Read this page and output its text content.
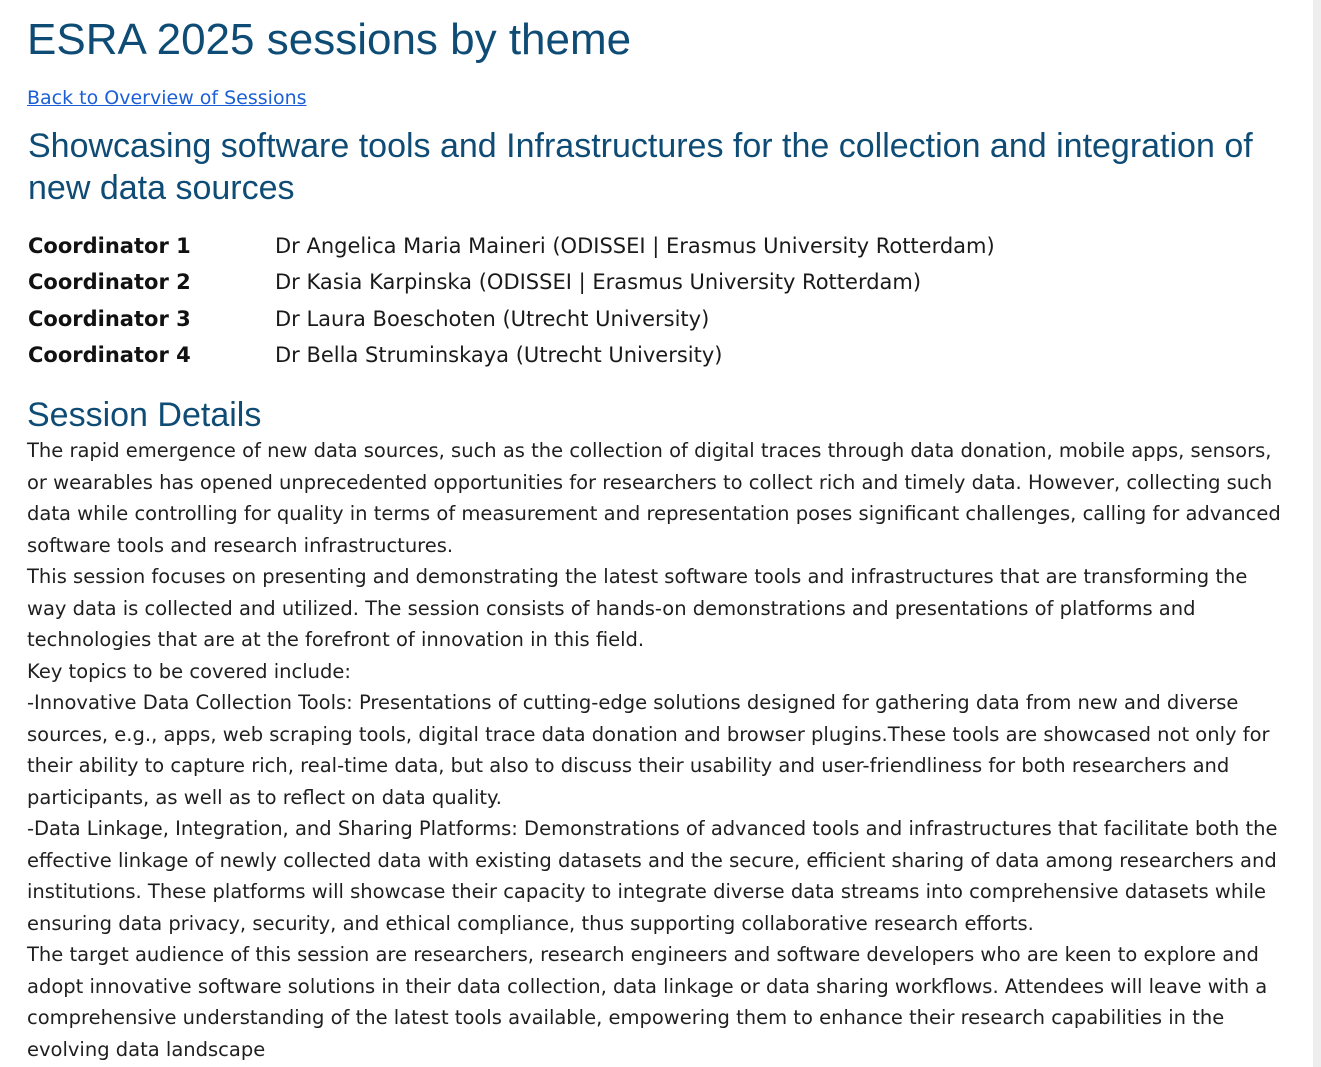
ESRA 2025 sessions by theme
Back to Overview of Sessions
Showcasing software tools and Infrastructures for the collection and integration of new data sources
Coordinator 1	Dr Angelica Maria Maineri (ODISSEI | Erasmus University Rotterdam)
Coordinator 2	Dr Kasia Karpinska (ODISSEI | Erasmus University Rotterdam)
Coordinator 3	Dr Laura Boeschoten (Utrecht University)
Coordinator 4	Dr Bella Struminskaya (Utrecht University)
Session Details

The rapid emergence of new data sources, such as the collection of digital traces through data donation, mobile apps, sensors, or wearables has opened unprecedented opportunities for researchers to collect rich and timely data. However, collecting such data while controlling for quality in terms of measurement and representation poses significant challenges, calling for advanced software tools and research infrastructures.

This session focuses on presenting and demonstrating the latest software tools and infrastructures that are transforming the way data is collected and utilized. The session consists of hands-on demonstrations and presentations of platforms and technologies that are at the forefront of innovation in this field.

Key topics to be covered include:

-Innovative Data Collection Tools: Presentations of cutting-edge solutions designed for gathering data from new and diverse sources, e.g., apps, web scraping tools, digital trace data donation and browser plugins.These tools are showcased not only for their ability to capture rich, real-time data, but also to discuss their usability and user-friendliness for both researchers and participants, as well as to reflect on data quality.

-Data Linkage, Integration, and Sharing Platforms: Demonstrations of advanced tools and infrastructures that facilitate both the effective linkage of newly collected data with existing datasets and the secure, efficient sharing of data among researchers and institutions. These platforms will showcase their capacity to integrate diverse data streams into comprehensive datasets while ensuring data privacy, security, and ethical compliance, thus supporting collaborative research efforts.

The target audience of this session are researchers, research engineers and software developers who are keen to explore and adopt innovative software solutions in their data collection, data linkage or data sharing workflows. Attendees will leave with a comprehensive understanding of the latest tools available, empowering them to enhance their research capabilities in the evolving data landscape
